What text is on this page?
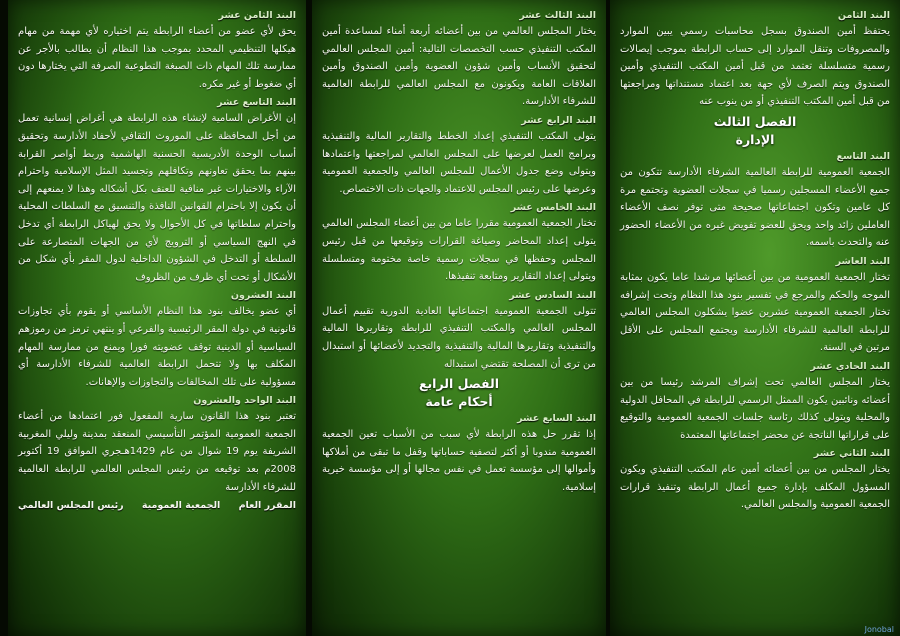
البند الثامن

يحتفظ أمين الصندوق بسجل محاسبات رسمي يبين الموارد والمصروفات وتنقل الموارد إلى حساب الرابطة بموجب إيصالات رسمية متسلسلة تعتمد من قبل أمين المكتب التنفيذي وأمين الصندوق ويتم الصرف لأي جهة بعد اعتماد مستنداتها ومراجعتها من قبل أمين المكتب التنفيذي أو من ينوب عنه

الفصل الثالث
الإدارة
البند التاسع

الجمعية العمومية للرابطة العالمية الشرفاء الأدارسة تتكون من جميع الأعضاء المسجلين رسميا في سجلات العضوية وتجتمع مرة كل عامين وتكون اجتماعاتها صحيحة متى توفر نصف الأعضاء العاملين زائد واحد ويحق للعضو تفويض غيره من الأعضاء الحضور عنه والتحدث باسمه.

البند العاشر

تختار الجمعية العمومية من بين أعضائها مرشدا عاما يكون بمثابة الموجه والحكم والمرجع في تفسير بنود هذا النظام وتحت إشرافه تختار الجمعية العمومية عشرين عضوا يشكلون المجلس العالمي للرابطة العالمية للشرفاء الأدارسة ويجتمع المجلس على الأقل مرتين في السنة.

البند الحادي عشر

يختار المجلس العالمي تحت إشراف المرشد رئيسا من بين أعضائه ونائبين يكون الممثل الرسمي للرابطة في المحافل الدولية والمحلية ويتولى كذلك رئاسة جلسات الجمعية العمومية والتوقيع على قراراتها الناتجة عن محضر اجتماعاتها المعتمدة

البند الثاني عشر

يختار المجلس من بين أعضائه أمين عام المكتب التنفيذي ويكون المسؤول المكلف بإدارة جميع أعمال الرابطة وتنفيذ قرارات الجمعية العمومية والمجلس العالمي.

البند الثالث عشر

يختار المجلس العالمي من بين أعضائه أربعة أمناء لمساعدة أمين المكتب التنفيذي حسب التخصصات التالية: أمين المجلس العالمي لتحقيق الأنساب وأمين شؤون العضوية وأمين الصندوق وأمين العلاقات العامة ويكونون مع المجلس العالمي للرابطة العالمية للشرفاء الأدارسة.

البند الرابع عشر

يتولى المكتب التنفيذي إعداد الخطط والتقارير المالية والتنفيذية وبرامج العمل لعرضها على المجلس العالمي لمراجعتها واعتمادها ويتولى وضع جدول الأعمال للمجلس العالمي والجمعية العمومية وعرضها على رئيس المجلس للاعتماد والجهات ذات الاختصاص.

البند الخامس عشر

تختار الجمعية العمومية مقررا عاما من بين أعضاء المجلس العالمي يتولى إعداد المحاضر وصياغة القرارات وتوقيعها من قبل رئيس المجلس وحفظها في سجلات رسمية خاصة مختومة ومتسلسلة ويتولى إعداد التقارير ومتابعة تنفيذها.

البند السادس عشر

تتولى الجمعية العمومية اجتماعاتها العادية الدورية تقييم أعمال المجلس العالمي والمكتب التنفيذي للرابطة وتقاريرها المالية والتنفيذية وتقاريرها المالية والتنفيذية والتجديد لأعضائها أو استبدال من ترى أن المصلحة تقتضي استبداله

الفصل الرابع
أحكام عامة
البند السابع عشر

إذا تقرر حل هذه الرابطة لأي سبب من الأسباب تعين الجمعية العمومية مندوبا أو أكثر لتصفية حساباتها وقفل ما تبقى من أملاكها وأموالها إلى مؤسسة تعمل في نفس مجالها أو إلى مؤسسة خيرية إسلامية.

البند الثامن عشر

يحق لأي عضو من أعضاء الرابطة يتم اختياره لأي مهمة من مهام هيكلها التنظيمي المحدد بموجب هذا النظام أن يطالب بالأجر عن ممارسة تلك المهام ذات الصبغة التطوعية الصرفة التي يختارها دون أي ضغوط أو غير مكره.

البند التاسع عشر

إن الأغراض السامية لإنشاء هذه الرابطة هي أغراض إنسانية تعمل من أجل المحافظة على الموروث الثقافي لأحفاد الأدارسة وتحقيق أسباب الوحدة الأدريسية الحسنية الهاشمية وربط أواصر القرابة بينهم بما يحقق تعاونهم وتكافلهم وتجسيد المثل الإسلامية واحترام الآراء والاختيارات غير منافية للعنف بكل أشكاله وهذا لا يمنعهم إلى أن يكون إلا باحترام القوانين النافذة والتنسيق مع السلطات المحلية واحترام سلطاتها في كل الأحوال ولا يحق لهياكل الرابطة أي تدخل في النهج السياسي أو الترويج لأي من الجهات المتصارعة على السلطة أو التدخل في الشؤون الداخلية لدول المقر بأي شكل من الأشكال أو تحت أي ظرف من الظروف

البند العشرون

أي عضو يخالف بنود هذا النظام الأساسي أو يقوم بأي تجاوزات قانونية في دولة المقر الرئيسية والفرعي أو ينتهي ترمز من رموزهم السياسية أو الدينية توقف عضويته فورا ويمنع من ممارسة المهام المكلف بها ولا تتحمل الرابطة العالمية للشرفاء الأدارسة أي مسؤولية على تلك المخالفات والتجاوزات والإهانات.

البند الواحد والعشرون

تعتبر بنود هذا القانون سارية المفعول فور اعتمادها من أعضاء الجمعية العمومية المؤتمر التأسيسي المنعقد بمدينة وليلي المغربية الشريفة يوم 19 شوال من عام 1429هـجري الموافق 19 أكتوبر 2008م بعد توقيعه من رئيس المجلس العالمي للرابطة العالمية للشرفاء الأدارسة

المقرر العام
الجمعية العمومية
رئيس المجلس العالمي
Jonobal
